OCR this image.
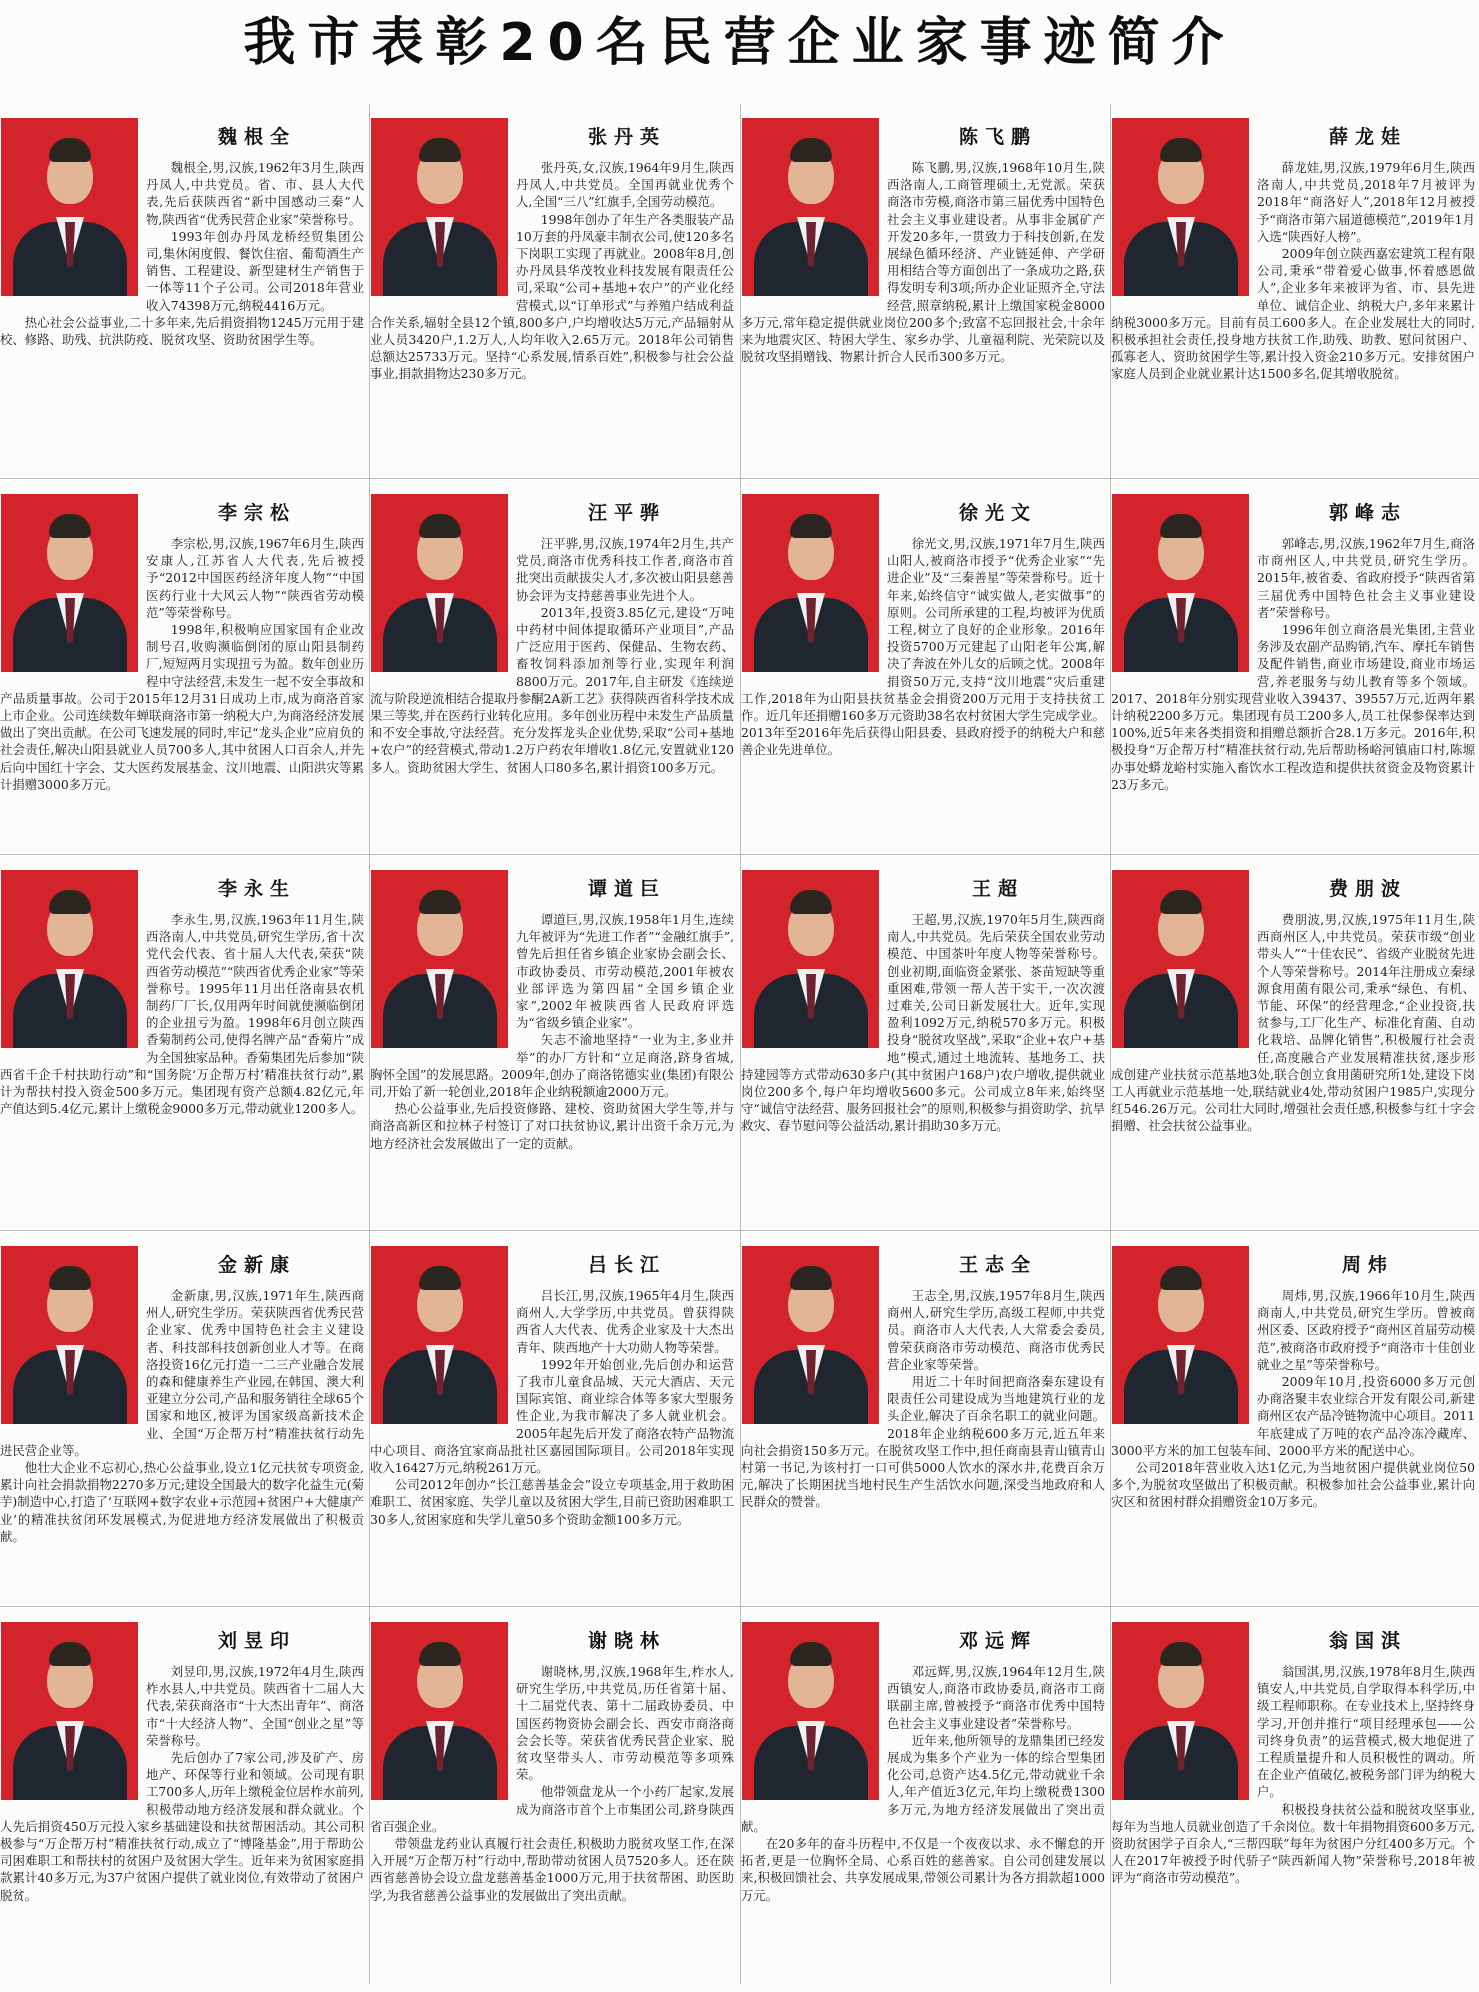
我市表彰20名民营企业家事迹简介
魏根全

魏根全,男,汉族,1962年3月生,陕西丹凤人,中共党员。省、市、县人大代表,先后获陕西省“新中国感动三秦”人物,陕西省“优秀民营企业家”荣誉称号。

1993年创办丹凤龙桥经贸集团公司,集休闲度假、餐饮住宿、葡萄酒生产销售、工程建设、新型建材生产销售于一体等11个子公司。公司2018年营业收入74398万元,纳税4416万元。

热心社会公益事业,二十多年来,先后捐资捐物1245万元用于建校、修路、助残、抗洪防疫、脱贫攻坚、资助贫困学生等。

张丹英

张丹英,女,汉族,1964年9月生,陕西丹凤人,中共党员。全国再就业优秀个人,全国“三八”红旗手,全国劳动模范。

1998年创办了年生产各类服装产品10万套的丹凤豪丰制衣公司,使120多名下岗职工实现了再就业。2008年8月,创办丹凤县华茂牧业科技发展有限责任公司,采取“公司+基地+农户”的产业化经营模式,以“订单形式”与养殖户结成利益合作关系,辐射全县12个镇,800多户,户均增收达5万元,产品辐射从业人员3420户,1.2万人,人均年收入2.65万元。2018年公司销售总额达25733万元。坚持“心系发展,情系百姓”,积极参与社会公益事业,捐款捐物达230多万元。

陈飞鹏

陈飞鹏,男,汉族,1968年10月生,陕西洛南人,工商管理硕士,无党派。荣获商洛市劳模,商洛市第三届优秀中国特色社会主义事业建设者。从事非金属矿产开发20多年,一贯致力于科技创新,在发展绿色循环经济、产业链延伸、产学研用相结合等方面创出了一条成功之路,获得发明专利3项;所办企业证照齐全,守法经营,照章纳税,累计上缴国家税金8000多万元,常年稳定提供就业岗位200多个;致富不忘回报社会,十余年来为地震灾区、特困大学生、家乡办学、儿童福利院、光荣院以及脱贫攻坚捐赠钱、物累计折合人民币300多万元。

薛龙娃

薛龙娃,男,汉族,1979年6月生,陕西洛南人,中共党员,2018年7月被评为2018年“商洛好人”,2018年12月被授予“商洛市第六届道德模范”,2019年1月入选“陕西好人榜”。

2009年创立陕西嘉宏建筑工程有限公司,秉承“带着爱心做事,怀着感恩做人”,企业多年来被评为省、市、县先进单位、诚信企业、纳税大户,多年来累计纳税3000多万元。目前有员工600多人。在企业发展壮大的同时,积极承担社会责任,投身地方扶贫工作,助残、助教、慰问贫困户、孤寡老人、资助贫困学生等,累计投入资金210多万元。安排贫困户家庭人员到企业就业累计达1500多名,促其增收脱贫。

李宗松

李宗松,男,汉族,1967年6月生,陕西安康人,江苏省人大代表,先后被授予“2012中国医药经济年度人物”“中国医药行业十大风云人物”“陕西省劳动模范”等荣誉称号。

1998年,积极响应国家国有企业改制号召,收购濒临倒闭的原山阳县制药厂,短短两月实现扭亏为盈。数年创业历程中守法经营,未发生一起不安全事故和产品质量事故。公司于2015年12月31日成功上市,成为商洛首家上市企业。公司连续数年蝉联商洛市第一纳税大户,为商洛经济发展做出了突出贡献。在公司飞速发展的同时,牢记“龙头企业”应肩负的社会责任,解决山阳县就业人员700多人,其中贫困人口百余人,并先后向中国红十字会、艾大医药发展基金、汶川地震、山阳洪灾等累计捐赠3000多万元。

汪平骅

汪平骅,男,汉族,1974年2月生,共产党员,商洛市优秀科技工作者,商洛市首批突出贡献拔尖人才,多次被山阳县慈善协会评为支持慈善事业先进个人。

2013年,投资3.85亿元,建设“万吨中药材中间体提取循环产业项目”,产品广泛应用于医药、保健品、生物农药、畜牧饲料添加剂等行业,实现年利润8800万元。2017年,自主研发《连续逆流与阶段逆流相结合提取丹参酮2A新工艺》获得陕西省科学技术成果三等奖,并在医药行业转化应用。多年创业历程中未发生产品质量和不安全事故,守法经营。充分发挥龙头企业优势,采取“公司+基地+农户”的经营模式,带动1.2万户药农年增收1.8亿元,安置就业120多人。资助贫困大学生、贫困人口80多名,累计捐资100多万元。

徐光文

徐光文,男,汉族,1971年7月生,陕西山阳人,被商洛市授予“优秀企业家”“先进企业”及“三秦善星”等荣誉称号。近十年来,始终信守“诚实做人,老实做事”的原则。公司所承建的工程,均被评为优质工程,树立了良好的企业形象。2016年投资5700万元建起了山阳老年公寓,解决了奔波在外儿女的后顾之忧。2008年捐资50万元,支持“汶川地震”灾后重建工作,2018年为山阳县扶贫基金会捐资200万元用于支持扶贫工作。近几年还捐赠160多万元资助38名农村贫困大学生完成学业。2013年至2016年先后获得山阳县委、县政府授予的纳税大户和慈善企业先进单位。

郭峰志

郭峰志,男,汉族,1962年7月生,商洛市商州区人,中共党员,研究生学历。2015年,被省委、省政府授予“陕西省第三届优秀中国特色社会主义事业建设者”荣誉称号。

1996年创立商洛晨光集团,主营业务涉及农副产品购销,汽车、摩托车销售及配件销售,商业市场建设,商业市场运营,养老服务与幼儿教育等多个领域。2017、2018年分别实现营业收入39437、39557万元,近两年累计纳税2200多万元。集团现有员工200多人,员工社保参保率达到100%,近5年来各类捐资和捐赠总额折合28.1万多元。2016年,积极投身“万企帮万村”精准扶贫行动,先后帮助杨峪河镇庙口村,陈塬办事处蟒龙峪村实施入畜饮水工程改造和提供扶贫资金及物资累计23万多元。

李永生

李永生,男,汉族,1963年11月生,陕西洛南人,中共党员,研究生学历,省十次党代会代表、省十届人大代表,荣获“陕西省劳动模范”“陕西省优秀企业家”等荣誉称号。1995年11月出任洛南县农机制药厂厂长,仅用两年时间就使濒临倒闭的企业扭亏为盈。1998年6月创立陕西香菊制药公司,使得名牌产品“香菊片”成为全国独家品种。香菊集团先后参加“陕西省千企千村扶助行动”和“国务院‘万企帮万村’精准扶贫行动”,累计为帮扶村投入资金500多万元。集团现有资产总额4.82亿元,年产值达到5.4亿元,累计上缴税金9000多万元,带动就业1200多人。

谭道巨

谭道巨,男,汉族,1958年1月生,连续九年被评为“先进工作者”“金融红旗手”,曾先后担任省乡镇企业家协会副会长、市政协委员、市劳动模范,2001年被农业部评选为第四届“全国乡镇企业家”,2002年被陕西省人民政府评选为“省级乡镇企业家”。

矢志不渝地坚持“一业为主,多业并举”的办厂方针和“立足商洛,跻身省城,胸怀全国”的发展思路。2009年,创办了商洛铭德实业(集团)有限公司,开始了新一轮创业,2018年企业纳税额逾2000万元。

热心公益事业,先后投资修路、建校、资助贫困大学生等,并与商洛高新区和拉林子村签订了对口扶贫协议,累计出资千余万元,为地方经济社会发展做出了一定的贡献。

王超

王超,男,汉族,1970年5月生,陕西商南人,中共党员。先后荣获全国农业劳动模范、中国茶叶年度人物等荣誉称号。创业初期,面临资金紧张、茶苗短缺等重重困难,带领一帮人苦干实干,一次次渡过难关,公司日新发展壮大。近年,实现盈利1092万元,纳税570多万元。积极投身“脱贫攻坚战”,采取“企业+农户+基地”模式,通过土地流转、基地务工、扶持建园等方式带动630多户(其中贫困户168户)农户增收,提供就业岗位200多个,每户年均增收5600多元。公司成立8年来,始终坚守“诚信守法经营、服务回报社会”的原则,积极参与捐资助学、抗旱救灾、春节慰问等公益活动,累计捐助30多万元。

费朋波

费朋波,男,汉族,1975年11月生,陕西商州区人,中共党员。荣获市级“创业带头人”“十佳农民”、省级产业脱贫先进个人等荣誉称号。2014年注册成立秦绿源食用菌有限公司,秉承“绿色、有机、节能、环保”的经营理念,“企业投资,扶贫参与,工厂化生产、标准化育菌、自动化栽培、品牌化销售”,积极履行社会责任,高度融合产业发展精准扶贫,逐步形成创建产业扶贫示范基地3处,联合创立食用菌研究所1处,建设下岗工人再就业示范基地一处,联结就业4处,带动贫困户1985户,实现分红546.26万元。公司壮大同时,增强社会责任感,积极参与红十字会捐赠、社会扶贫公益事业。

金新康

金新康,男,汉族,1971年生,陕西商州人,研究生学历。荣获陕西省优秀民营企业家、优秀中国特色社会主义建设者、科技部科技创新创业人才等。在商洛投资16亿元打造一二三产业融合发展的森和健康养生产业园,在韩国、澳大利亚建立分公司,产品和服务销往全球65个国家和地区,被评为国家级高新技术企业、全国“万企帮万村”精准扶贫行动先进民营企业等。

他壮大企业不忘初心,热心公益事业,设立1亿元扶贫专项资金,累计向社会捐款捐物2270多万元;建设全国最大的数字化益生元(菊芋)制造中心,打造了‘互联网+数字农业+示范园+贫困户+大健康产业’的精准扶贫闭环发展模式,为促进地方经济发展做出了积极贡献。

吕长江

吕长江,男,汉族,1965年4月生,陕西商州人,大学学历,中共党员。曾获得陕西省人大代表、优秀企业家及十大杰出青年、陕西地产十大功勋人物等荣誉。

1992年开始创业,先后创办和运营了我市儿童食品城、天元大酒店、天元国际宾馆、商业综合体等多家大型服务性企业,为我市解决了多人就业机会。2005年起先后开发了商洛农特产品物流中心项目、商洛宜家商品批社区嘉园国际项目。公司2018年实现收入16427万元,纳税261万元。

公司2012年创办“长江慈善基金会”设立专项基金,用于救助困难职工、贫困家庭、失学儿童以及贫困大学生,目前已资助困难职工30多人,贫困家庭和失学儿童50多个资助金额100多万元。

王志全

王志全,男,汉族,1957年8月生,陕西商州人,研究生学历,高级工程师,中共党员。商洛市人大代表,人大常委会委员,曾荣获商洛市劳动模范、商洛市优秀民营企业家等荣誉。

用近二十年时间把商洛秦东建设有限责任公司建设成为当地建筑行业的龙头企业,解决了百余名职工的就业问题。2018年企业纳税600多万元,近五年来向社会捐资150多万元。在脱贫攻坚工作中,担任商南县青山镇青山村第一书记,为该村打一口可供5000人饮水的深水井,花费百余万元,解决了长期困扰当地村民生产生活饮水问题,深受当地政府和人民群众的赞誉。

周炜

周炜,男,汉族,1966年10月生,陕西商南人,中共党员,研究生学历。曾被商州区委、区政府授予“商州区首届劳动模范”,被商洛市政府授予“商洛市十佳创业就业之星”等荣誉称号。

2009年10月,投资6000多万元创办商洛聚丰农业综合开发有限公司,新建商州区农产品冷链物流中心项目。2011年底建成了万吨的农产品冷冻冷藏库、3000平方米的加工包装车间、2000平方米的配送中心。

公司2018年营业收入达1亿元,为当地贫困户提供就业岗位50多个,为脱贫攻坚做出了积极贡献。积极参加社会公益事业,累计向灾区和贫困村群众捐赠资金10万多元。

刘昱印

刘昱印,男,汉族,1972年4月生,陕西柞水县人,中共党员。陕西省十二届人大代表,荣获商洛市“十大杰出青年”、商洛市“十大经济人物”、全国“创业之星”等荣誉称号。

先后创办了7家公司,涉及矿产、房地产、环保等行业和领域。公司现有职工700多人,历年上缴税金位居柞水前列,积极带动地方经济发展和群众就业。个人先后捐资450万元投入家乡基础建设和扶贫帮困活动。其公司积极参与“万企帮万村”精准扶贫行动,成立了“博隆基金”,用于帮助公司困难职工和帮扶村的贫困户及贫困大学生。近年来为贫困家庭捐款累计40多万元,为37户贫困户提供了就业岗位,有效带动了贫困户脱贫。

谢晓林

谢晓林,男,汉族,1968年生,柞水人,研究生学历,中共党员,历任省第十届、十二届党代表、第十二届政协委员、中国医药物资协会副会长、西安市商洛商会会长等。荣获省优秀民营企业家、脱贫攻坚带头人、市劳动模范等多项殊荣。

他带领盘龙从一个小药厂起家,发展成为商洛市首个上市集团公司,跻身陕西省百强企业。

带领盘龙药业认真履行社会责任,积极助力脱贫攻坚工作,在深入开展“万企帮万村”行动中,帮助带动贫困人员7520多人。还在陕西省慈善协会设立盘龙慈善基金1000万元,用于扶贫帮困、助医助学,为我省慈善公益事业的发展做出了突出贡献。

邓远辉

邓远辉,男,汉族,1964年12月生,陕西镇安人,商洛市政协委员,商洛市工商联副主席,曾被授予“商洛市优秀中国特色社会主义事业建设者”荣誉称号。

近年来,他所领导的龙鼎集团已经发展成为集多个产业为一体的综合型集团化公司,总资产达4.5亿元,带动就业千余人,年产值近3亿元,年均上缴税费1300多万元,为地方经济发展做出了突出贡献。

在20多年的奋斗历程中,不仅是一个夜夜以求、永不懈怠的开拓者,更是一位胸怀全局、心系百姓的慈善家。自公司创建发展以来,积极回馈社会、共享发展成果,带领公司累计为各方捐款超1000万元。

翁国淇

翁国淇,男,汉族,1978年8月生,陕西镇安人,中共党员,自学取得本科学历,中级工程师职称。在专业技术上,坚持终身学习,开创并推行“项目经理承包——公司终身负责”的运营模式,极大地促进了工程质量提升和人员积极性的调动。所在企业产值破亿,被税务部门评为纳税大户。

积极投身扶贫公益和脱贫攻坚事业,每年为当地人员就业创造了千余岗位。数十年捐物捐资600多万元,资助贫困学子百余人,“三帮四联”每年为贫困户分红400多万元。个人在2017年被授予时代骄子“陕西新闻人物”荣誉称号,2018年被评为“商洛市劳动模范”。
